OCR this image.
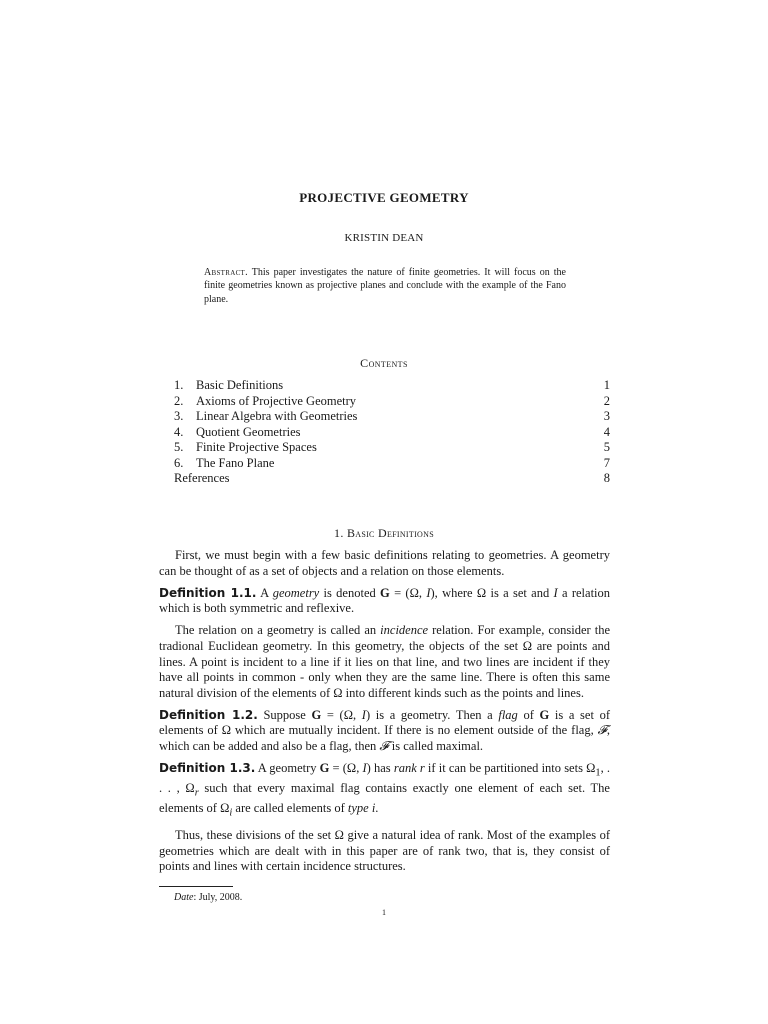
PROJECTIVE GEOMETRY
KRISTIN DEAN
Abstract. This paper investigates the nature of finite geometries. It will focus on the finite geometries known as projective planes and conclude with the example of the Fano plane.
Contents
1.	Basic Definitions	1
2.	Axioms of Projective Geometry	2
3.	Linear Algebra with Geometries	3
4.	Quotient Geometries	4
5.	Finite Projective Spaces	5
6.	The Fano Plane	7
References	8
1. Basic Definitions

First, we must begin with a few basic definitions relating to geometries. A geometry can be thought of as a set of objects and a relation on those elements.

Definition 1.1. A geometry is denoted G = (Ω, I), where Ω is a set and I a relation which is both symmetric and reflexive.

The relation on a geometry is called an incidence relation. For example, consider the tradional Euclidean geometry. In this geometry, the objects of the set Ω are points and lines. A point is incident to a line if it lies on that line, and two lines are incident if they have all points in common - only when they are the same line. There is often this same natural division of the elements of Ω into different kinds such as the points and lines.

Definition 1.2. Suppose G = (Ω, I) is a geometry. Then a flag of G is a set of elements of Ω which are mutually incident. If there is no element outside of the flag, 𝓕, which can be added and also be a flag, then 𝓕 is called maximal.

Definition 1.3. A geometry G = (Ω, I) has rank r if it can be partitioned into sets $\Omega_1$, . . . , $\Omega_r$ such that every maximal flag contains exactly one element of each set. The elements of $\Omega_i$ are called elements of type i.

Thus, these divisions of the set Ω give a natural idea of rank. Most of the examples of geometries which are dealt with in this paper are of rank two, that is, they consist of points and lines with certain incidence structures.

Date: July, 2008.
1
